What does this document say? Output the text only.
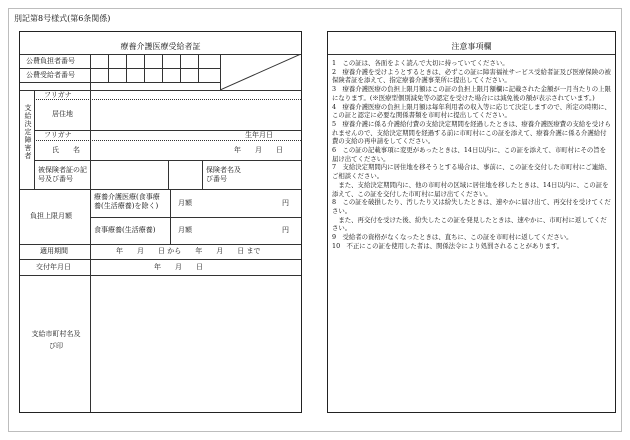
別記第8号様式(第6条関係)
療養介護医療受給者証
公費負担者番号
公費受給者番号
支給決定障害者
フリガナ
居住地
フリガナ	生年月日
氏　　名	年　　月　　日
被保険者証の記号及び番号
保険者名及び番号
負担上限月額
療養介護医療(食事療養(生活療養)を除く)	月額	円
食事療養(生活療養)	月額	円
適用期間	年　　月　　日 から　　年　　月　　日 まで
交付年月日	年　　月　　日
支給市町村名及び印
注意事項欄

1　この証は、各面をよく読んで大切に持っていてください。

2　療養介護を受けようとするときは、必ずこの証に障害福祉サービス受給者証及び医療保険の被保険者証を添えて、指定療養介護事業所に提出してください。

3　療養介護医療の負担上限月額はこの証の負担上限月額欄に記載された金額が一月当たりの上限になります。(※医療型個別減免等の認定を受けた場合には減免後の額が表示されています。)

4　療養介護医療の負担上限月額は毎年利用者の収入等に応じて決定しますので、所定の時期に、この証と認定に必要な関係書類を市町村に提出してください。

5　療養介護に係る介護給付費の支給決定期間を経過したときは、療養介護医療費の支給を受けられませんので、支給決定期間を経過する前に市町村にこの証を添えて、療養介護に係る介護給付費の支給の再申請をしてください。

6　この証の記載事項に変更があったときは、14日以内に、この証を添えて、市町村にその旨を届け出てください。

7　支給決定期間内に居住地を移そうとする場合は、事前に、この証を交付した市町村にご連絡、ご相談ください。

　また、支給決定期間内に、他の市町村の区域に居住地を移したときは、14日以内に、この証を添えて、この証を交付した市町村に届け出てください。

8　この証を破損したり、汚したり又は紛失したときは、速やかに届け出て、再交付を受けてください。

　また、再交付を受けた後、紛失したこの証を発見したときは、速やかに、市町村に返してください。

9　受給者の資格がなくなったときは、直ちに、この証を市町村に返してください。

10　不正にこの証を使用した者は、関係法令により処罰されることがあります。
